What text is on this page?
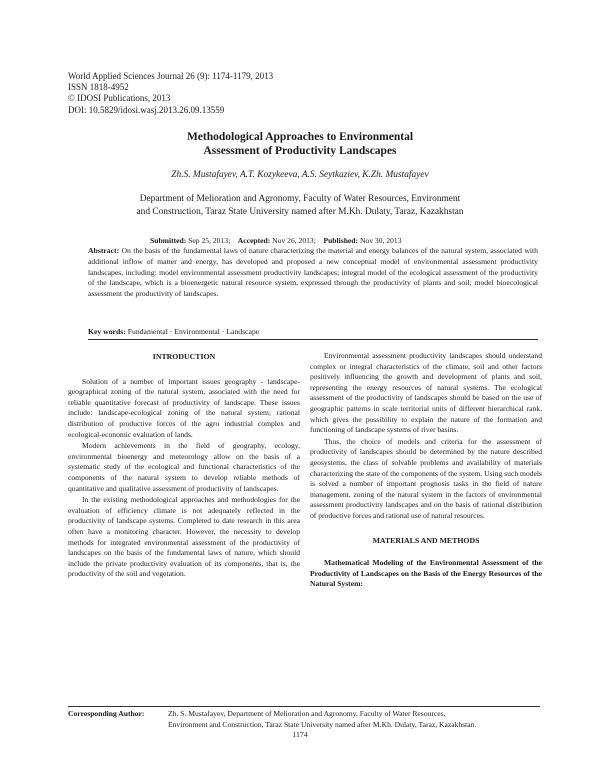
World Applied Sciences Journal 26 (9): 1174-1179, 2013
ISSN 1818-4952
© IDOSI Publications, 2013
DOI: 10.5829/idosi.wasj.2013.26.09.13559
Methodological Approaches to Environmental
Assessment of Productivity Landscapes
Zh.S. Mustafayev, A.T. Kozykeeva, A.S. Seytkaziev, K.Zh. Mustafayev
Department of Melioration and Agronomy, Faculty of Water Resources, Environment
and Construction, Taraz State University named after M.Kh. Dulaty, Taraz, Kazakhstan
Submitted: Sep 25, 2013; Accepted: Nov 26, 2013; Published: Nov 30, 2013
Abstract: On the basis of the fundamental laws of nature characterizing the material and energy balances of the natural system, associated with additional inflow of matter and energy, has developed and proposed a new conceptual model of environmental assessment productivity landscapes, including: model environmental assessment productivity landscapes; integral model of the ecological assessment of the productivity of the landscape, which is a bioenergetic natural resource system, expressed through the productivity of plants and soil; model bioecological assessment the productivity of landscapes.
Key words: Fundamental · Environmental · Landscape
INTRODUCTION

Solution of a number of important issues geography - landscape-geographical zoning of the natural system, associated with the need for reliable quantitative forecast of productivity of landscape. These issues include: landscape-ecological zoning of the natural system; rational distribution of productive forces of the agro industrial complex and ecological-economic evaluation of lands.

Modern achievements in the field of geography, ecology, environmental bioenergy and meteorology allow on the basis of a systematic study of the ecological and functional characteristics of the components of the natural system to develop reliable methods of quantitative and qualitative assessment of productivity of landscapes.

In the existing methodological approaches and methodologies for the evaluation of efficiency climate is not adequately reflected in the productivity of landscape systems. Completed to date research in this area often have a monitoring character. However, the necessity to develop methods for integrated environmental assessment of the productivity of landscapes on the basis of the fundamental laws of nature, which should include the private productivity evaluation of its components, that is, the productivity of the soil and vegetation.

Environmental assessment productivity landscapes should understand complex or integral characteristics of the climate, soil and other factors positively influencing the growth and development of plants and soil, representing the energy resources of natural systems. The ecological assessment of the productivity of landscapes should be based on the use of geographic patterns in scale territorial units of different hierarchical rank, which gives the possibility to explain the nature of the formation and functioning of landscape systems of river basins.

Thus, the choice of models and criteria for the assessment of productivity of landscapes should be determined by the nature described geosystems, the class of solvable problems and availability of materials characterizing the state of the components of the system. Using such models is solved a number of important prognosis tasks in the field of nature management, zoning of the natural system in the factors of environmental assessment productivity landscapes and on the basis of rational distribution of productive forces and rational use of natural resources.

MATERIALS AND METHODS

Mathematical Modeling of the Environmental Assessment of the Productivity of Landscapes on the Basis of the Energy Resources of the Natural System:

Corresponding Author:	Zh. S. Mustafayev, Department of Melioration and Agronomy, Faculty of Water Resources,
Environment and Construction, Taraz State University named after M.Kh. Dulaty, Taraz, Kazakhstan.
1174
